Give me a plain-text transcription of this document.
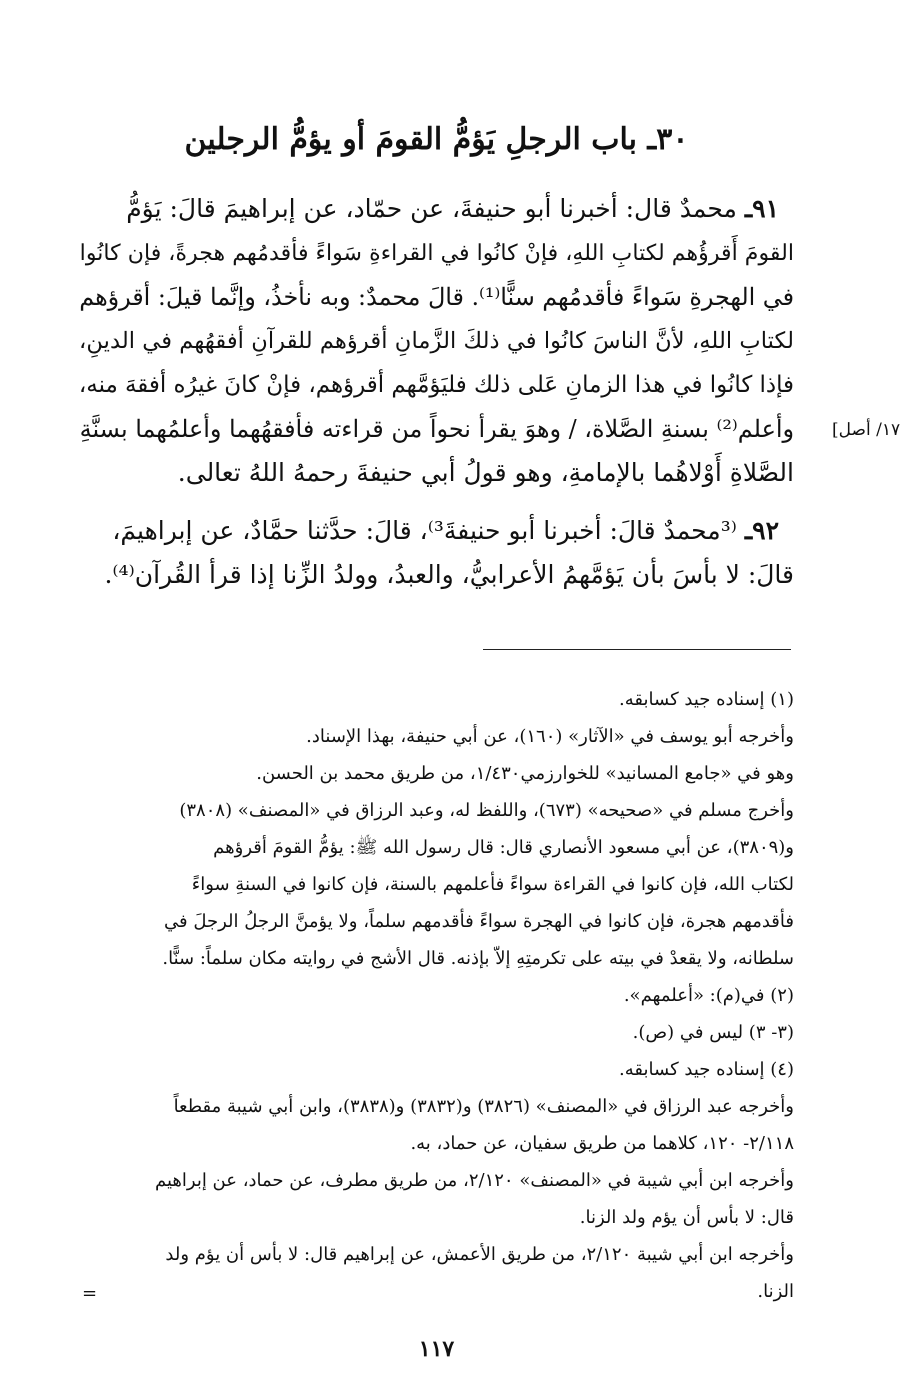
٣٠ـ باب الرجلِ يَؤمُّ القومَ أو يؤمُّ الرجلين
٩١ـ محمدٌ قال: أخبرنا أبو حنيفةَ، عن حمّاد، عن إبراهيمَ قالَ: يَؤمُّ
القومَ أَقرؤُهم لكتابِ اللهِ، فإنْ كانُوا في القراءةِ سَواءً فأقدمُهم هجرةً، فإن كانُوا
في الهجرةِ سَواءً فأقدمُهم سنًّا⁽¹⁾. قالَ محمدٌ: وبه نأخذُ، وإنَّما قيلَ: أقرؤهم
لكتابِ اللهِ، لأنَّ الناسَ كانُوا في ذلكَ الزَّمانِ أقرؤهم للقرآنِ أفقهُهم في الدينِ،
فإذا كانُوا في هذا الزمانِ عَلى ذلك فليَؤمَّهم أقرؤهم، فإنْ كانَ غيرُه أفقهَ منه،
وأعلم⁽²⁾ بسنةِ الصَّلاة، / وهوَ يقرأ نحواً من قراءته فأفقهُهما وأعلمُهما بسنَّةِ
الصَّلاةِ أَوْلاهُما بالإمامةِ، وهو قولُ أبي حنيفةَ رحمهُ اللهُ تعالى.
[١٧/ أصل
٩٢ـ ⁽³محمدٌ قالَ: أخبرنا أبو حنيفةَ³⁾، قالَ: حدَّثنا حمَّادٌ، عن إبراهيمَ،
قالَ: لا بأسَ بأن يَؤمَّهمُ الأعرابيُّ، والعبدُ، وولدُ الزِّنا إذا قرأ القُرآن⁽⁴⁾.
(١) إسناده جيد كسابقه.
وأخرجه أبو يوسف في «الآثار» (١٦٠)، عن أبي حنيفة، بهذا الإسناد.
وهو في «جامع المسانيد» للخوارزمي١/٤٣٠، من طريق محمد بن الحسن.
وأخرج مسلم في «صحيحه» (٦٧٣)، واللفظ له، وعبد الرزاق في «المصنف» (٣٨٠٨)
و(٣٨٠٩)، عن أبي مسعود الأنصاري قال: قال رسول الله ﷺ: يؤمُّ القومَ أقرؤهم
لكتاب الله، فإن كانوا في القراءة سواءً فأعلمهم بالسنة، فإن كانوا في السنةِ سواءً
فأقدمهم هجرة، فإن كانوا في الهجرة سواءً فأقدمهم سلماً، ولا يؤمنَّ الرجلُ الرجلَ في
سلطانه، ولا يقعدْ في بيته على تكرمتِهِ إلاّ بإذنه. قال الأشج في روايته مكان سلماً: سنًّا.
(٢) في(م): «أعلمهم».
(٣- ٣) ليس في (ص).
(٤) إسناده جيد كسابقه.
وأخرجه عبد الرزاق في «المصنف» (٣٨٢٦) و(٣٨٣٢) و(٣٨٣٨)، وابن أبي شيبة مقطعاً
٢/١١٨- ١٢٠، كلاهما من طريق سفيان، عن حماد، به.
وأخرجه ابن أبي شيبة في «المصنف» ٢/١٢٠، من طريق مطرف، عن حماد، عن إبراهيم
قال: لا بأس أن يؤم ولد الزنا.
وأخرجه ابن أبي شيبة ٢/١٢٠، من طريق الأعمش، عن إبراهيم قال: لا بأس أن يؤم ولد
الزنا.
=
١١٧
